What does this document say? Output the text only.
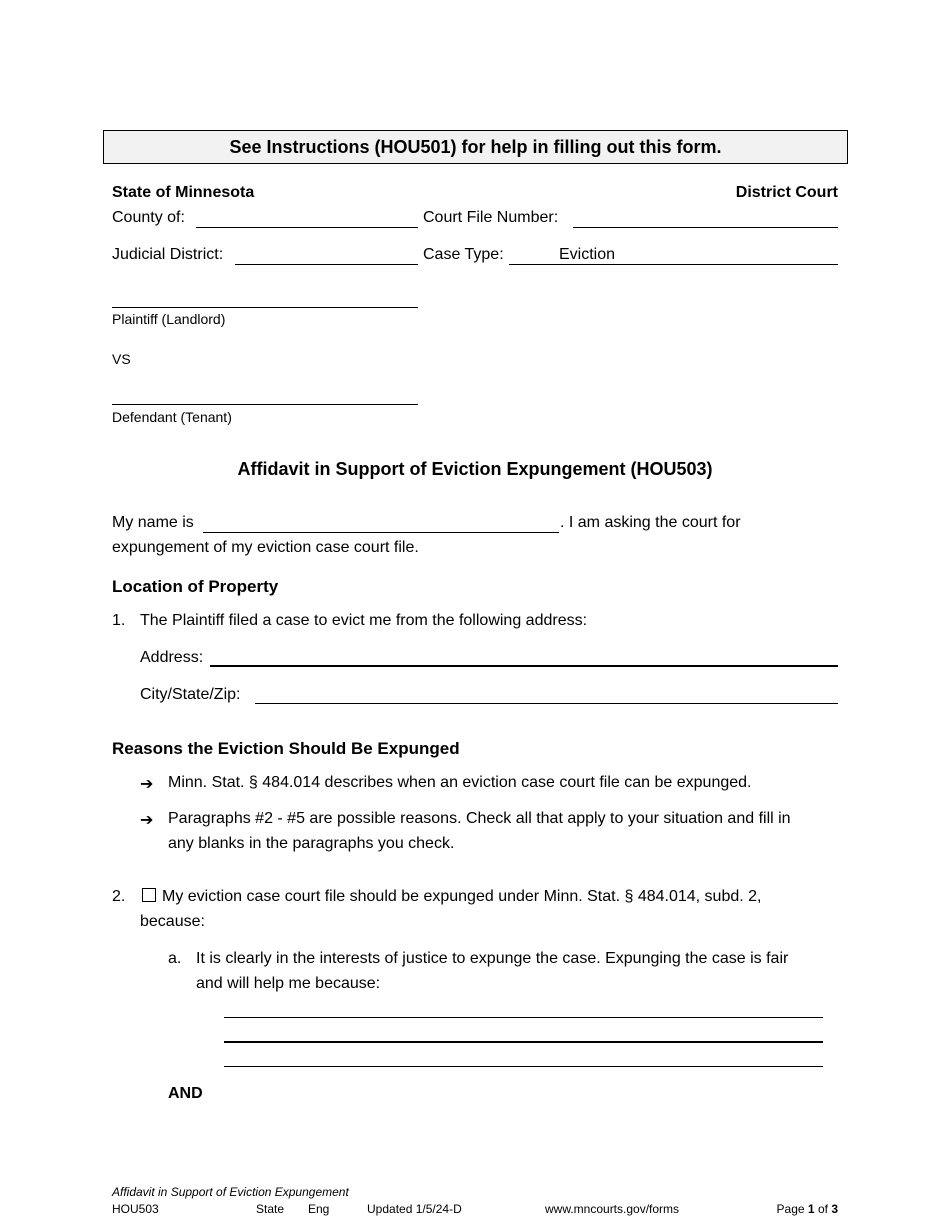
See Instructions (HOU501) for help in filling out this form.
State of Minnesota	District Court
County of:	Court File Number:
Judicial District:	Case Type:	Eviction
Plaintiff (Landlord)
VS
Defendant (Tenant)
Affidavit in Support of Eviction Expungement (HOU503)
My name is	. I am asking the court for
expungement of my eviction case court file.
Location of Property
1. The Plaintiff filed a case to evict me from the following address:
Address:
City/State/Zip:
Reasons the Eviction Should Be Expunged
➔ Minn. Stat. § 484.014 describes when an eviction case court file can be expunged.
➔ Paragraphs #2 - #5 are possible reasons. Check all that apply to your situation and fill in
any blanks in the paragraphs you check.
2.	My eviction case court file should be expunged under Minn. Stat. § 484.014, subd. 2,
because:
a. It is clearly in the interests of justice to expunge the case. Expunging the case is fair
and will help me because:
AND
Affidavit in Support of Eviction Expungement
HOU503	State Eng	Updated 1/5/24-D	www.mncourts.gov/forms	Page 1 of 3
